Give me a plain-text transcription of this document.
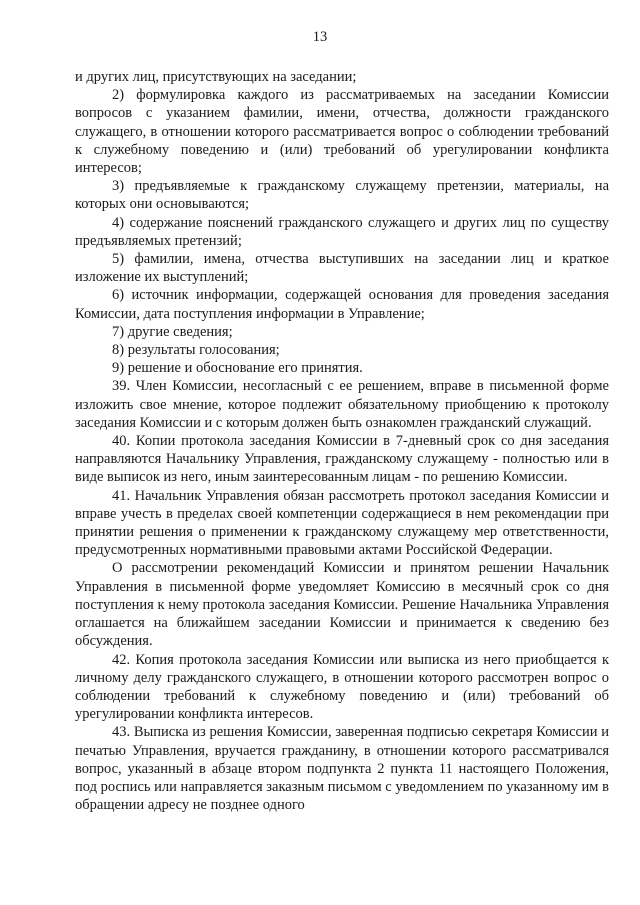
13

и других лиц, присутствующих на заседании;

2) формулировка каждого из рассматриваемых на заседании Комиссии вопросов с указанием фамилии, имени, отчества, должности гражданского служащего, в отношении которого рассматривается вопрос о соблюдении требований к служебному поведению и (или) требований об урегулировании конфликта интересов;

3) предъявляемые к гражданскому служащему претензии, материалы, на которых они основываются;

4) содержание пояснений гражданского служащего и других лиц по существу предъявляемых претензий;

5) фамилии, имена, отчества выступивших на заседании лиц и краткое изложение их выступлений;

6) источник информации, содержащей основания для проведения заседания Комиссии, дата поступления информации в Управление;

7) другие сведения;

8) результаты голосования;

9) решение и обоснование его принятия.

39. Член Комиссии, несогласный с ее решением, вправе в письменной форме изложить свое мнение, которое подлежит обязательному приобщению к протоколу заседания Комиссии и с которым должен быть ознакомлен гражданский служащий.

40. Копии протокола заседания Комиссии в 7-дневный срок со дня заседания направляются Начальнику Управления, гражданскому служащему - полностью или в виде выписок из него, иным заинтересованным лицам - по решению Комиссии.

41. Начальник Управления обязан рассмотреть протокол заседания Комиссии и вправе учесть в пределах своей компетенции содержащиеся в нем рекомендации при принятии решения о применении к гражданскому служащему мер ответственности, предусмотренных нормативными правовыми актами Российской Федерации.

О рассмотрении рекомендаций Комиссии и принятом решении Начальник Управления в письменной форме уведомляет Комиссию в месячный срок со дня поступления к нему протокола заседания Комиссии. Решение Начальника Управления оглашается на ближайшем заседании Комиссии и принимается к сведению без обсуждения.

42. Копия протокола заседания Комиссии или выписка из него приобщается к личному делу гражданского служащего, в отношении которого рассмотрен вопрос о соблюдении требований к служебному поведению и (или) требований об урегулировании конфликта интересов.

43. Выписка из решения Комиссии, заверенная подписью секретаря Комиссии и печатью Управления, вручается гражданину, в отношении которого рассматривался вопрос, указанный в абзаце втором подпункта 2 пункта 11 настоящего Положения, под роспись или направляется заказным письмом с уведомлением по указанному им в обращении адресу не позднее одного
